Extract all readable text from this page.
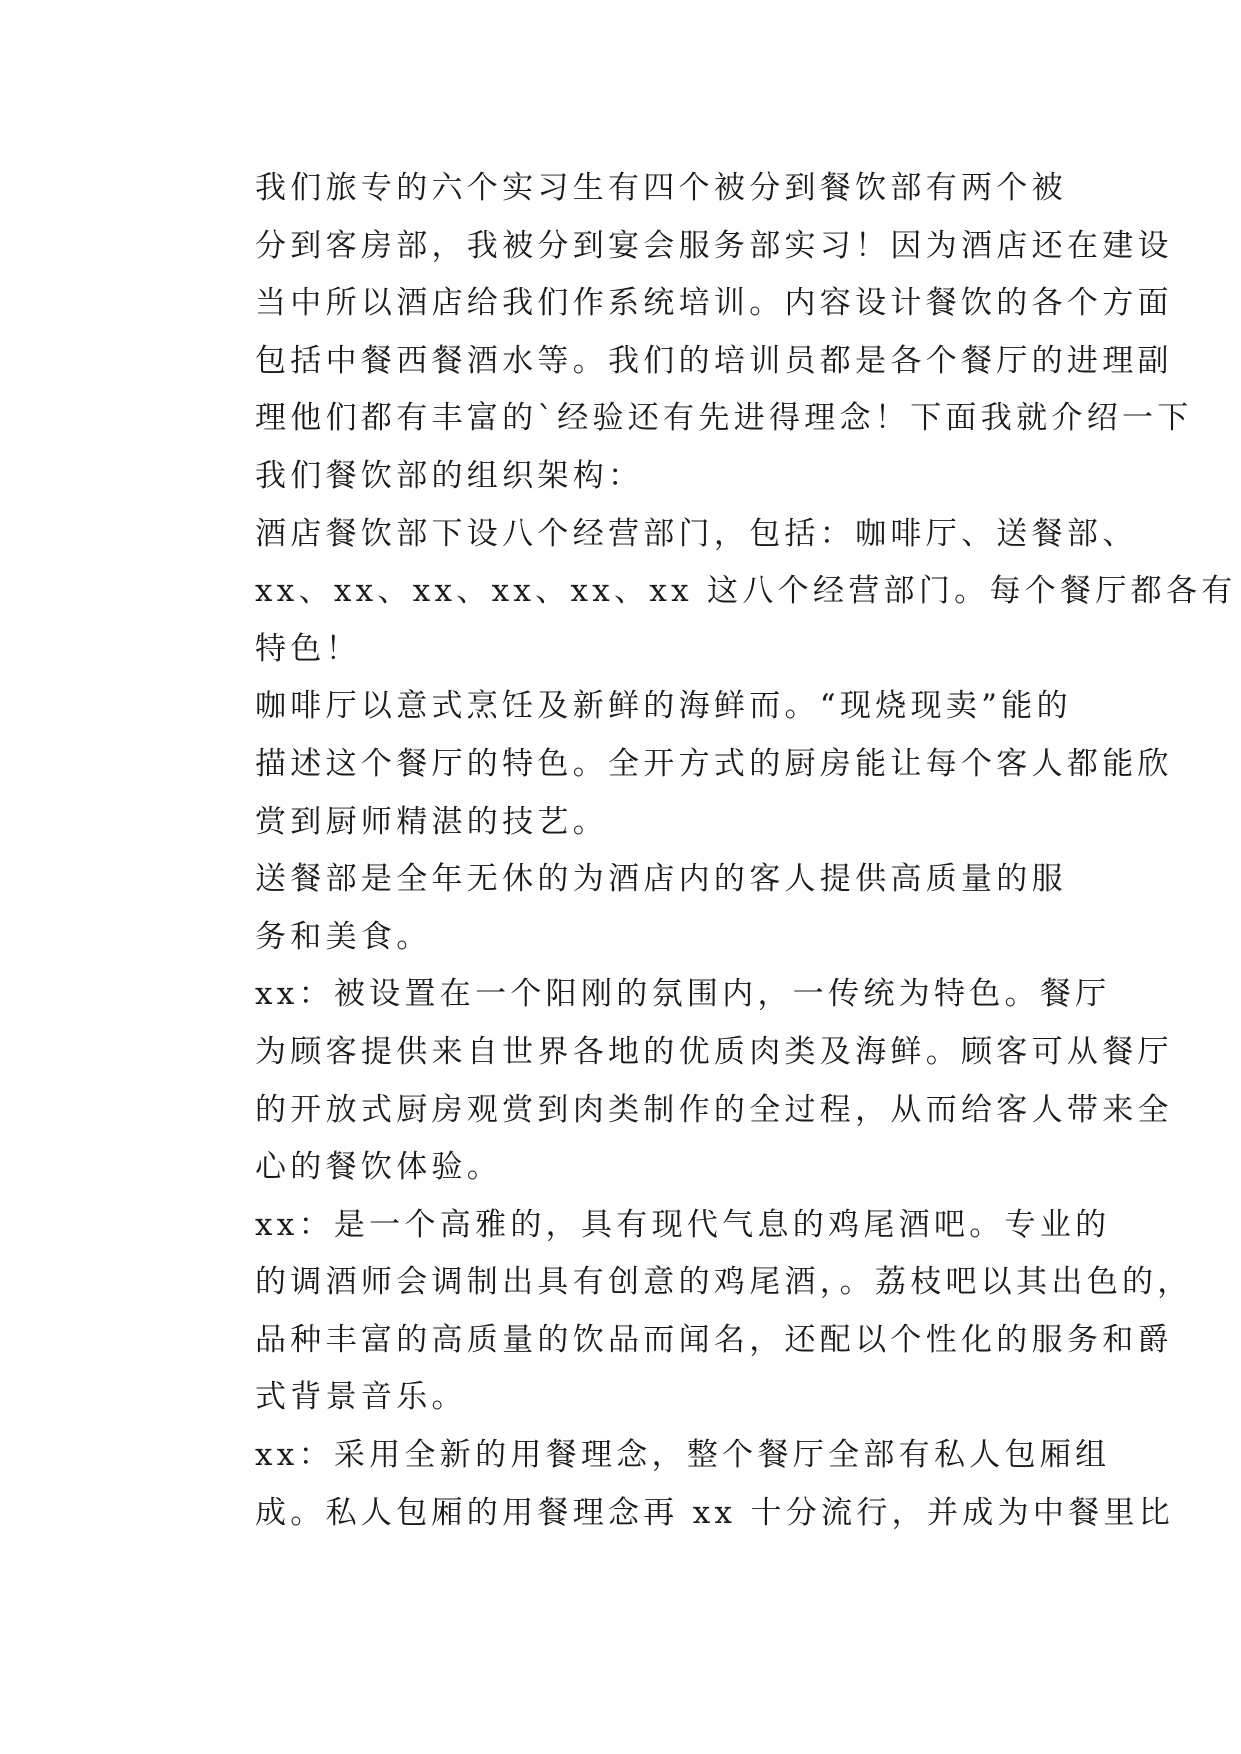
我们旅专的六个实习生有四个被分到餐饮部有两个被
分到客房部，我被分到宴会服务部实习！因为酒店还在建设
当中所以酒店给我们作系统培训。内容设计餐饮的各个方面
包括中餐西餐酒水等。我们的培训员都是各个餐厅的进理副
理他们都有丰富的`经验还有先进得理念！下面我就介绍一下
我们餐饮部的组织架构：

酒店餐饮部下设八个经营部门，包括：咖啡厅、送餐部、
xx、xx、xx、xx、xx、xx 这八个经营部门。每个餐厅都各有
特色！

咖啡厅以意式烹饪及新鲜的海鲜而。“现烧现卖”能的
描述这个餐厅的特色。全开方式的厨房能让每个客人都能欣
赏到厨师精湛的技艺。

送餐部是全年无休的为酒店内的客人提供高质量的服
务和美食。

xx：被设置在一个阳刚的氛围内，一传统为特色。餐厅
为顾客提供来自世界各地的优质肉类及海鲜。顾客可从餐厅
的开放式厨房观赏到肉类制作的全过程，从而给客人带来全
心的餐饮体验。

xx：是一个高雅的，具有现代气息的鸡尾酒吧。专业的
的调酒师会调制出具有创意的鸡尾酒，。荔枝吧以其出色的，
品种丰富的高质量的饮品而闻名，还配以个性化的服务和爵
式背景音乐。

xx：采用全新的用餐理念，整个餐厅全部有私人包厢组
成。私人包厢的用餐理念再 xx 十分流行，并成为中餐里比
